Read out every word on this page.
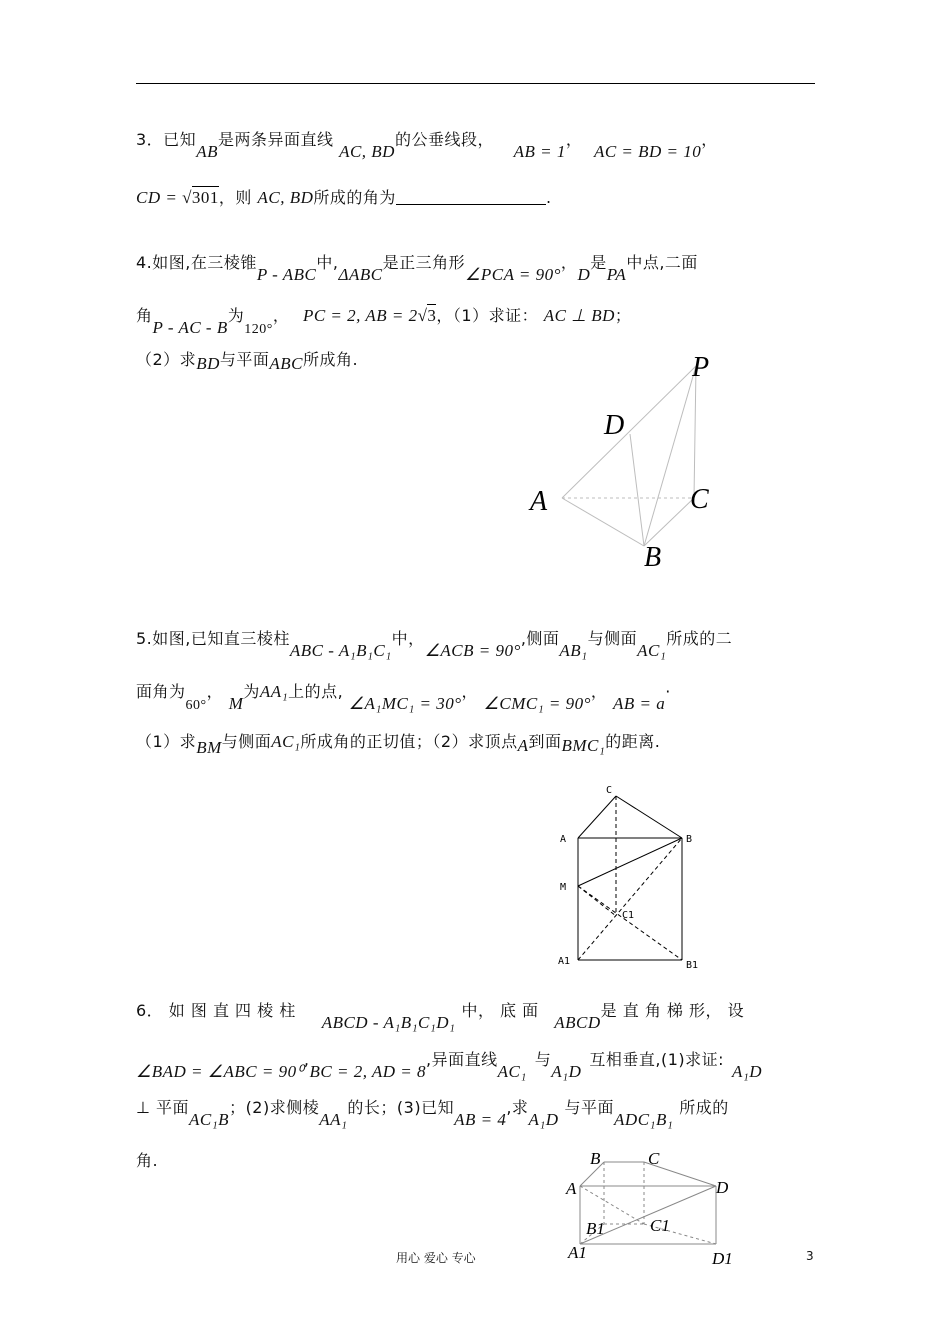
3．已知AB是两条异面直线 AC, BD的公垂线段， AB = 1， AC = BD = 10，
CD = √301，则 AC, BD所成的角为	.
4.如图,在三棱锥P - ABC中,ΔABC是正三角形∠PCA = 90°，D是PA中点,二面
角P - AC - B为120°， PC = 2, AB = 2√3，（1）求证： AC ⊥ BD；
（2）求BD与平面ABC所成角.	P
D
A	C
B
5.如图,已知直三棱柱ABC - A₁B₁C₁中，∠ACB = 90°,侧面AB₁与侧面AC₁所成的二
面角为60°， M为AA₁上的点, ∠A₁MC₁ = 30°， ∠CMC₁ = 90°， AB = a·
（1）求BM与侧面AC₁所成角的正切值；（2）求顶点A到面BMC₁的距离.
C
A	B
M
C1
A1	B1
6． 如 图 直 四 棱 柱ABCD - A₁B₁C₁D₁中， 底 面 ABCD是 直 角 梯 形， 设
∠BAD = ∠ABC = 90⁰,BC = 2, AD = 8,异面直线AC₁与A₁D互相垂直,(1)求证:A₁D
⊥ 平面AC₁B；(2)求侧棱AA₁的长；(3)已知AB = 4,求A₁D与平面ADC₁B₁所成的
角.	B	C
A	D
B1	C1
A1	D1
用心 爱心 专心	3
